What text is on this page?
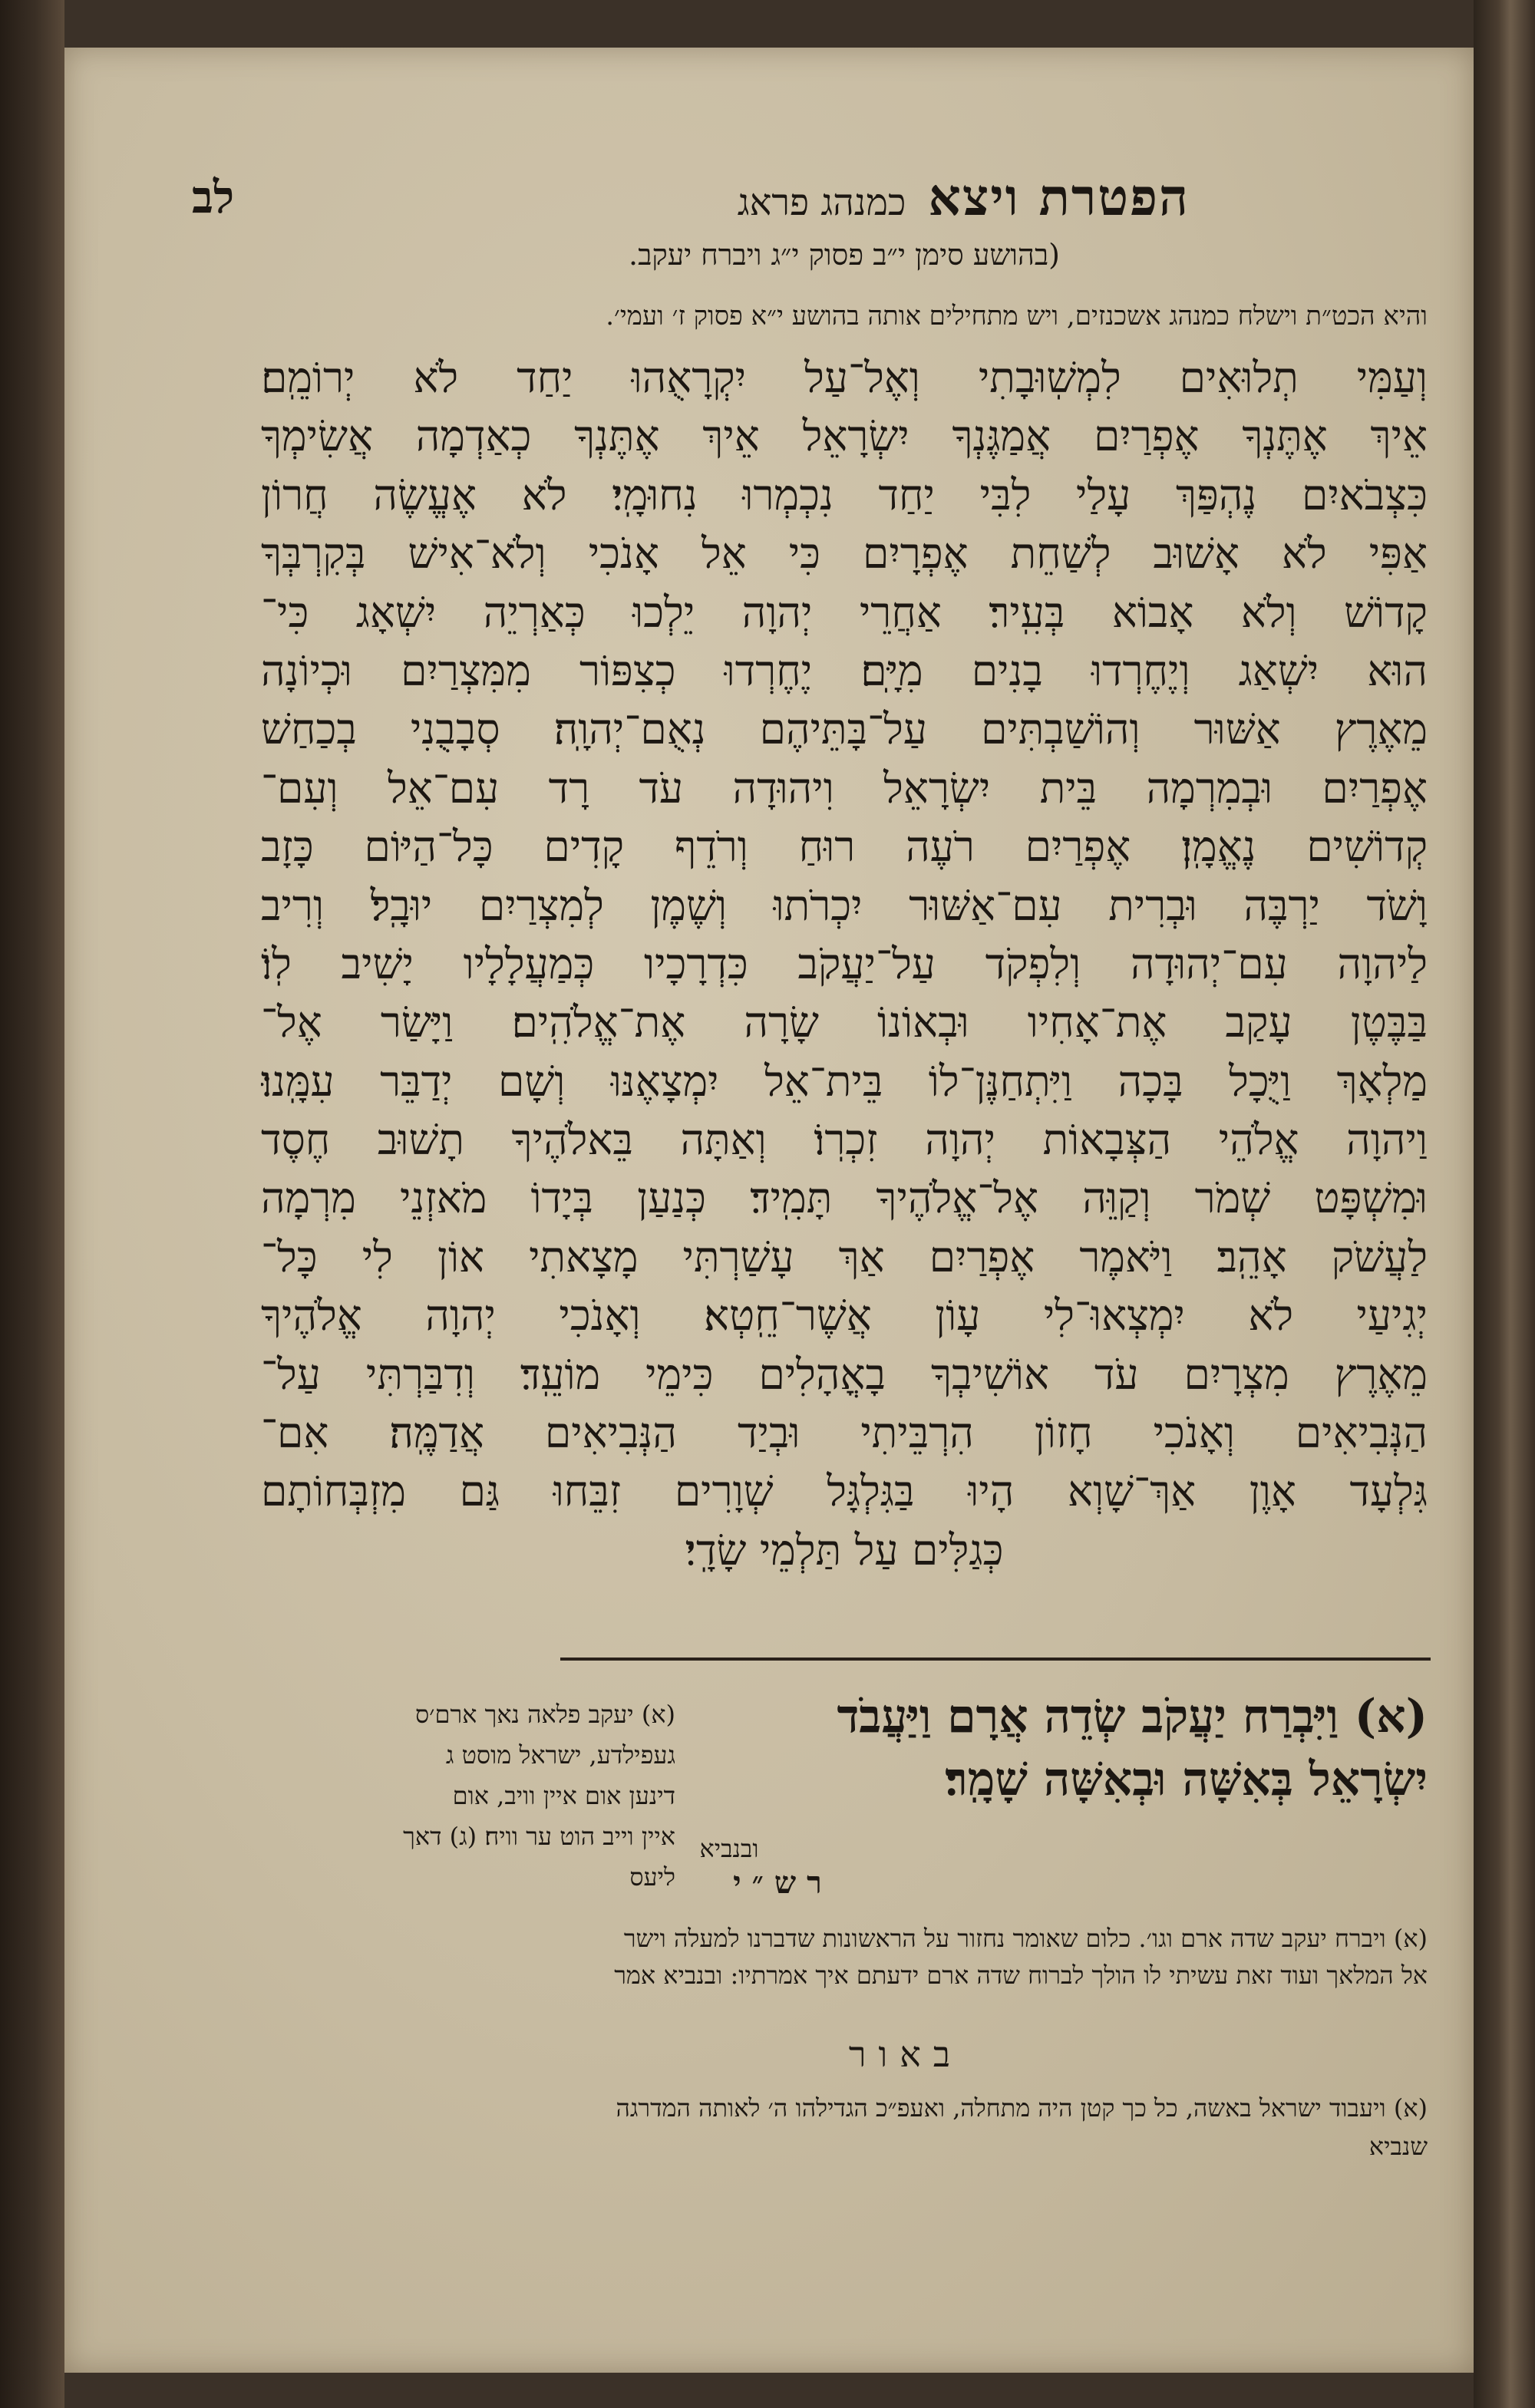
הפטרת ויצא כמנהג פראג
לב
(בהושע סימן י״ב פסוק י״ג ויברח יעקב.
והיא הכט״ת וישלח כמנהג אשכנזים, ויש מתחילים אותה בהושע י״א פסוק ז׳ ועמי׳.
וְעַמִּי תְלוּאִים לִמְשֽׁוּבָתִי וְאֶל־עַל יִקְרָאֻהוּ יַחַד לֹא יְרוֹמֵֽם׃
אֵיךְ אֶתֶּנְךָ אֶפְרַיִם אֲמַגֶּנְךָ יִשְׂרָאֵל אֵיךְ אֶתֶּנְךָ כְאַדְמָה אֲשִׂימְךָ
כִּצְבֹאיִם נֶהְפַּךְ עָלַי לִבִּי יַחַד נִכְמְרוּ נִחוּמָֽי׃ לֹא אֶעֱשֶׂה חֲרוֹן
אַפִּי לֹא אָשׁוּב לְשַׁחֵת אֶפְרָיִם כִּי אֵל אָנֹכִי וְלֹא־אִישׁ בְּקִרְבְּךָ
קָדוֹשׁ וְלֹא אָבוֹא בְּעִֽיר׃ אַחֲרֵי יְהוָה יֵלְכוּ כְּאַרְיֵה יִשְׁאָג כִּי־
הוּא יִשְׁאַג וְיֶחֶרְדוּ בָנִים מִיָּֽם׃ יֶחֶרְדוּ כְצִפּוֹר מִמִּצְרַיִם וּכְיוֹנָה
מֵאֶרֶץ אַשּׁוּר וְהוֹשַׁבְתִּים עַל־בָּתֵּיהֶם נְאֻם־יְהוָֽה׃ סְבָבֻנִי בְכַחַשׁ
אֶפְרַיִם וּבְמִרְמָה בֵּית יִשְׂרָאֵל וִיהוּדָה עֹד רָד עִם־אֵל וְעִם־
קְדוֹשִׁים נֶאֱמָֽן׃ אֶפְרַיִם רֹעֶה רוּחַ וְרֹדֵף קָדִים כָּל־הַיּוֹם כָּזָב
וָשֹׁד יַרְבֶּה וּבְרִית עִם־אַשּׁוּר יִכְרֹתוּ וְשֶׁמֶן לְמִצְרַיִם יוּבָֽל׃ וְרִיב
לַיהוָה עִם־יְהוּדָה וְלִפְקֹד עַל־יַעֲקֹב כִּדְרָכָיו כְּמַעֲלָלָיו יָשִׁיב לֽוֹ׃
בַּבֶּטֶן עָקַב אֶת־אָחִיו וּבְאוֹנוֹ שָׂרָה אֶת־אֱלֹהִֽים׃ וַיָּשַׂר אֶל־
מַלְאָךְ וַיֻּכָל בָּכָה וַיִּתְחַנֶּן־לוֹ בֵּית־אֵל יִמְצָאֶנּוּ וְשָׁם יְדַבֵּר עִמָּֽנוּ׃
וַיהוָה אֱלֹהֵי הַצְּבָאוֹת יְהוָה זִכְרֽוֹ׃ וְאַתָּה בֵּאלֹהֶיךָ תָשׁוּב חֶסֶד
וּמִשְׁפָּט שְׁמֹר וְקַוֵּה אֶל־אֱלֹהֶיךָ תָּמִֽיד׃ כְּנַעַן בְּיָדוֹ מֹאזְנֵי מִרְמָה
לַעֲשֹׁק אָהֵֽב׃ וַיֹּאמֶר אֶפְרַיִם אַךְ עָשַׁרְתִּי מָצָאתִי אוֹן לִי כָּל־
יְגִיעַי לֹא יִמְצְאוּ־לִי עָוֹן אֲשֶׁר־חֵֽטְא׃ וְאָנֹכִי יְהוָה אֱלֹהֶיךָ
מֵאֶרֶץ מִצְרָיִם עֹד אוֹשִׁיבְךָ בָאֳהָלִים כִּימֵי מוֹעֵֽד׃ וְדִבַּרְתִּי עַל־
הַנְּבִיאִים וְאָנֹכִי חָזוֹן הִרְבֵּיתִי וּבְיַד הַנְּבִיאִים אֲדַמֶּֽה׃ אִם־
גִּלְעָד אָוֶן אַךְ־שָׁוְא הָיוּ בַּגִּלְגָּל שְׁוָרִים זִבֵּחוּ גַּם מִזְבְּחוֹתָם
כְּגַלִּים עַל תַּלְמֵי שָׂדָֽי׃
(א) וַיִּבְרַח יַעֲקֹב שְׂדֵה אֲרָם וַיַּעֲבֹד
יִשְׂרָאֵל בְּאִשָּׁה וּבְאִשָּׁה שָׁמָֽר׃
ובנביא
רש״י
(א) יעקב פלאה נאך ארם׳ס
געפילדע, ישראל מוסט ג
דינען אום איין וויב, אום
איין וייב הוט ער וויח׃ (ג) דאך
ליעס
(א) ויברח יעקב שדה ארם וגו׳. כלום שאומר נחזור על הראשונות שדברנו למעלה וישר
אל המלאך ועוד זאת עשיתי לו הולך לברוח שדה ארם ידעתם איך אמרתיו: ובנביא אמר
באור
(א) ויעבוד ישראל באשה, כל כך קטן היה מתחלה, ואעפ״כ הגדילהו ה׳ לאותה המדרגה
שנביא
